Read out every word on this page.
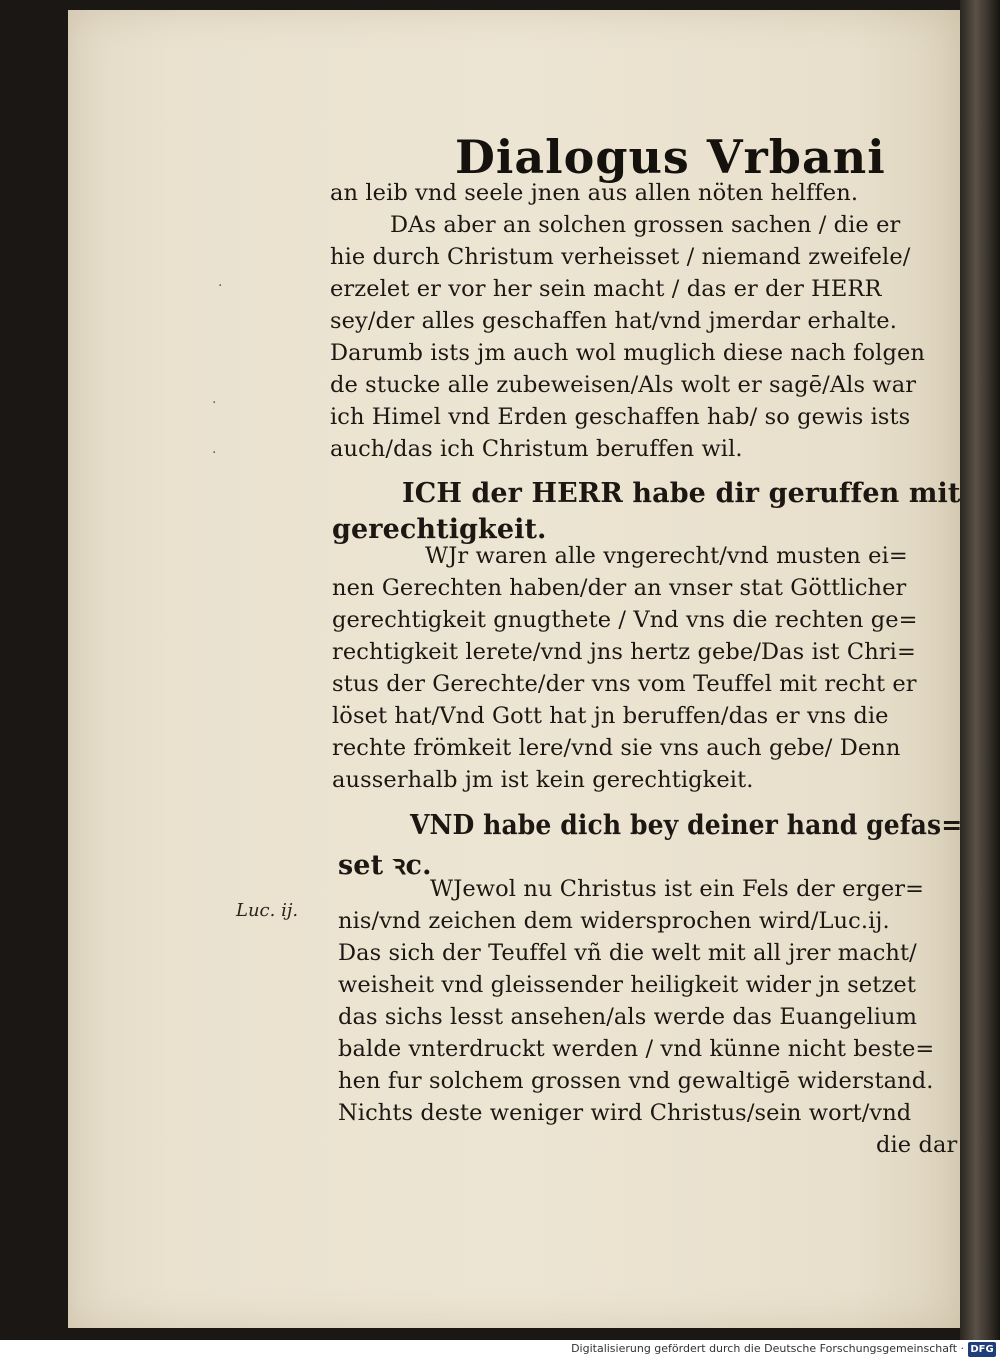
Dialogus Vrbani
an leib vnd seele jnen aus allen nöten helffen.
DAs aber an solchen grossen sachen / die er
hie durch Christum verheisset / niemand zweifele/
erzelet er vor her sein macht / das er der HERR
sey/der alles geschaffen hat/vnd jmerdar erhalte.
Darumb ists jm auch wol muglich diese nach folgen
de stucke alle zubeweisen/Als wolt er sagē/Als war
ich Himel vnd Erden geschaffen hab/ so gewis ists
auch/das ich Christum beruffen wil.
ICH der HERR habe dir geruffen mit
gerechtigkeit.
WJr waren alle vngerecht/vnd musten ei=
nen Gerechten haben/der an vnser stat Göttlicher
gerechtigkeit gnugthete / Vnd vns die rechten ge=
rechtigkeit lerete/vnd jns hertz gebe/Das ist Chri=
stus der Gerechte/der vns vom Teuffel mit recht er
löset hat/Vnd Gott hat jn beruffen/das er vns die
rechte frömkeit lere/vnd sie vns auch gebe/ Denn
ausserhalb jm ist kein gerechtigkeit.
VND habe dich bey deiner hand gefas=
set ꝛc.
WJewol nu Christus ist ein Fels der erger=
nis/vnd zeichen dem widersprochen wird/Luc.ij.
Das sich der Teuffel vñ die welt mit all jrer macht/
weisheit vnd gleissender heiligkeit wider jn setzet
das sichs lesst ansehen/als werde das Euangelium
balde vnterdruckt werden / vnd künne nicht beste=
hen fur solchem grossen vnd gewaltigē widerstand.
Nichts deste weniger wird Christus/sein wort/vnd
die dar
Luc. ij.
·
·
·
Digitalisierung gefördert durch die Deutsche Forschungsgemeinschaft · DFG
